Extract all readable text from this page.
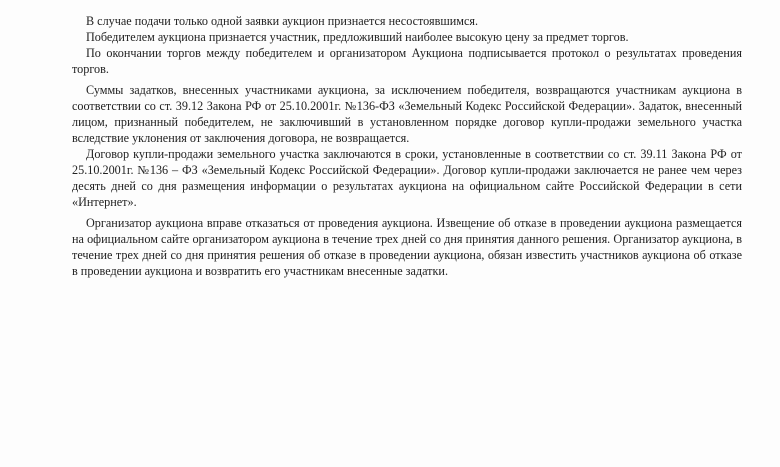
В случае подачи только одной заявки аукцион признается несостоявшимся.

Победителем аукциона признается участник, предложивший наиболее высокую цену за предмет торгов.

По окончании торгов между победителем и организатором Аукциона подписывается протокол о результатах проведения торгов.

Суммы задатков, внесенных участниками аукциона, за исключением победителя, возвращаются участникам аукциона в соответствии со ст. 39.12 Закона РФ от 25.10.2001г. №136-ФЗ «Земельный Кодекс Российской Федерации». Задаток, внесенный лицом, признанный победителем, не заключивший в установленном порядке договор купли-продажи земельного участка вследствие уклонения от заключения договора, не возвращается.

Договор купли-продажи земельного участка заключаются в сроки, установленные в соответствии со ст. 39.11 Закона РФ от 25.10.2001г. №136 – ФЗ «Земельный Кодекс Российской Федерации». Договор купли-продажи заключается не ранее чем через десять дней со дня размещения информации о результатах аукциона на официальном сайте Российской Федерации в сети «Интернет».

Организатор аукциона вправе отказаться от проведения аукциона. Извещение об отказе в проведении аукциона размещается на официальном сайте организатором аукциона в течение трех дней со дня принятия данного решения. Организатор аукциона, в течение трех дней со дня принятия решения об отказе в проведении аукциона, обязан известить участников аукциона об отказе в проведении аукциона и возвратить его участникам внесенные задатки.
